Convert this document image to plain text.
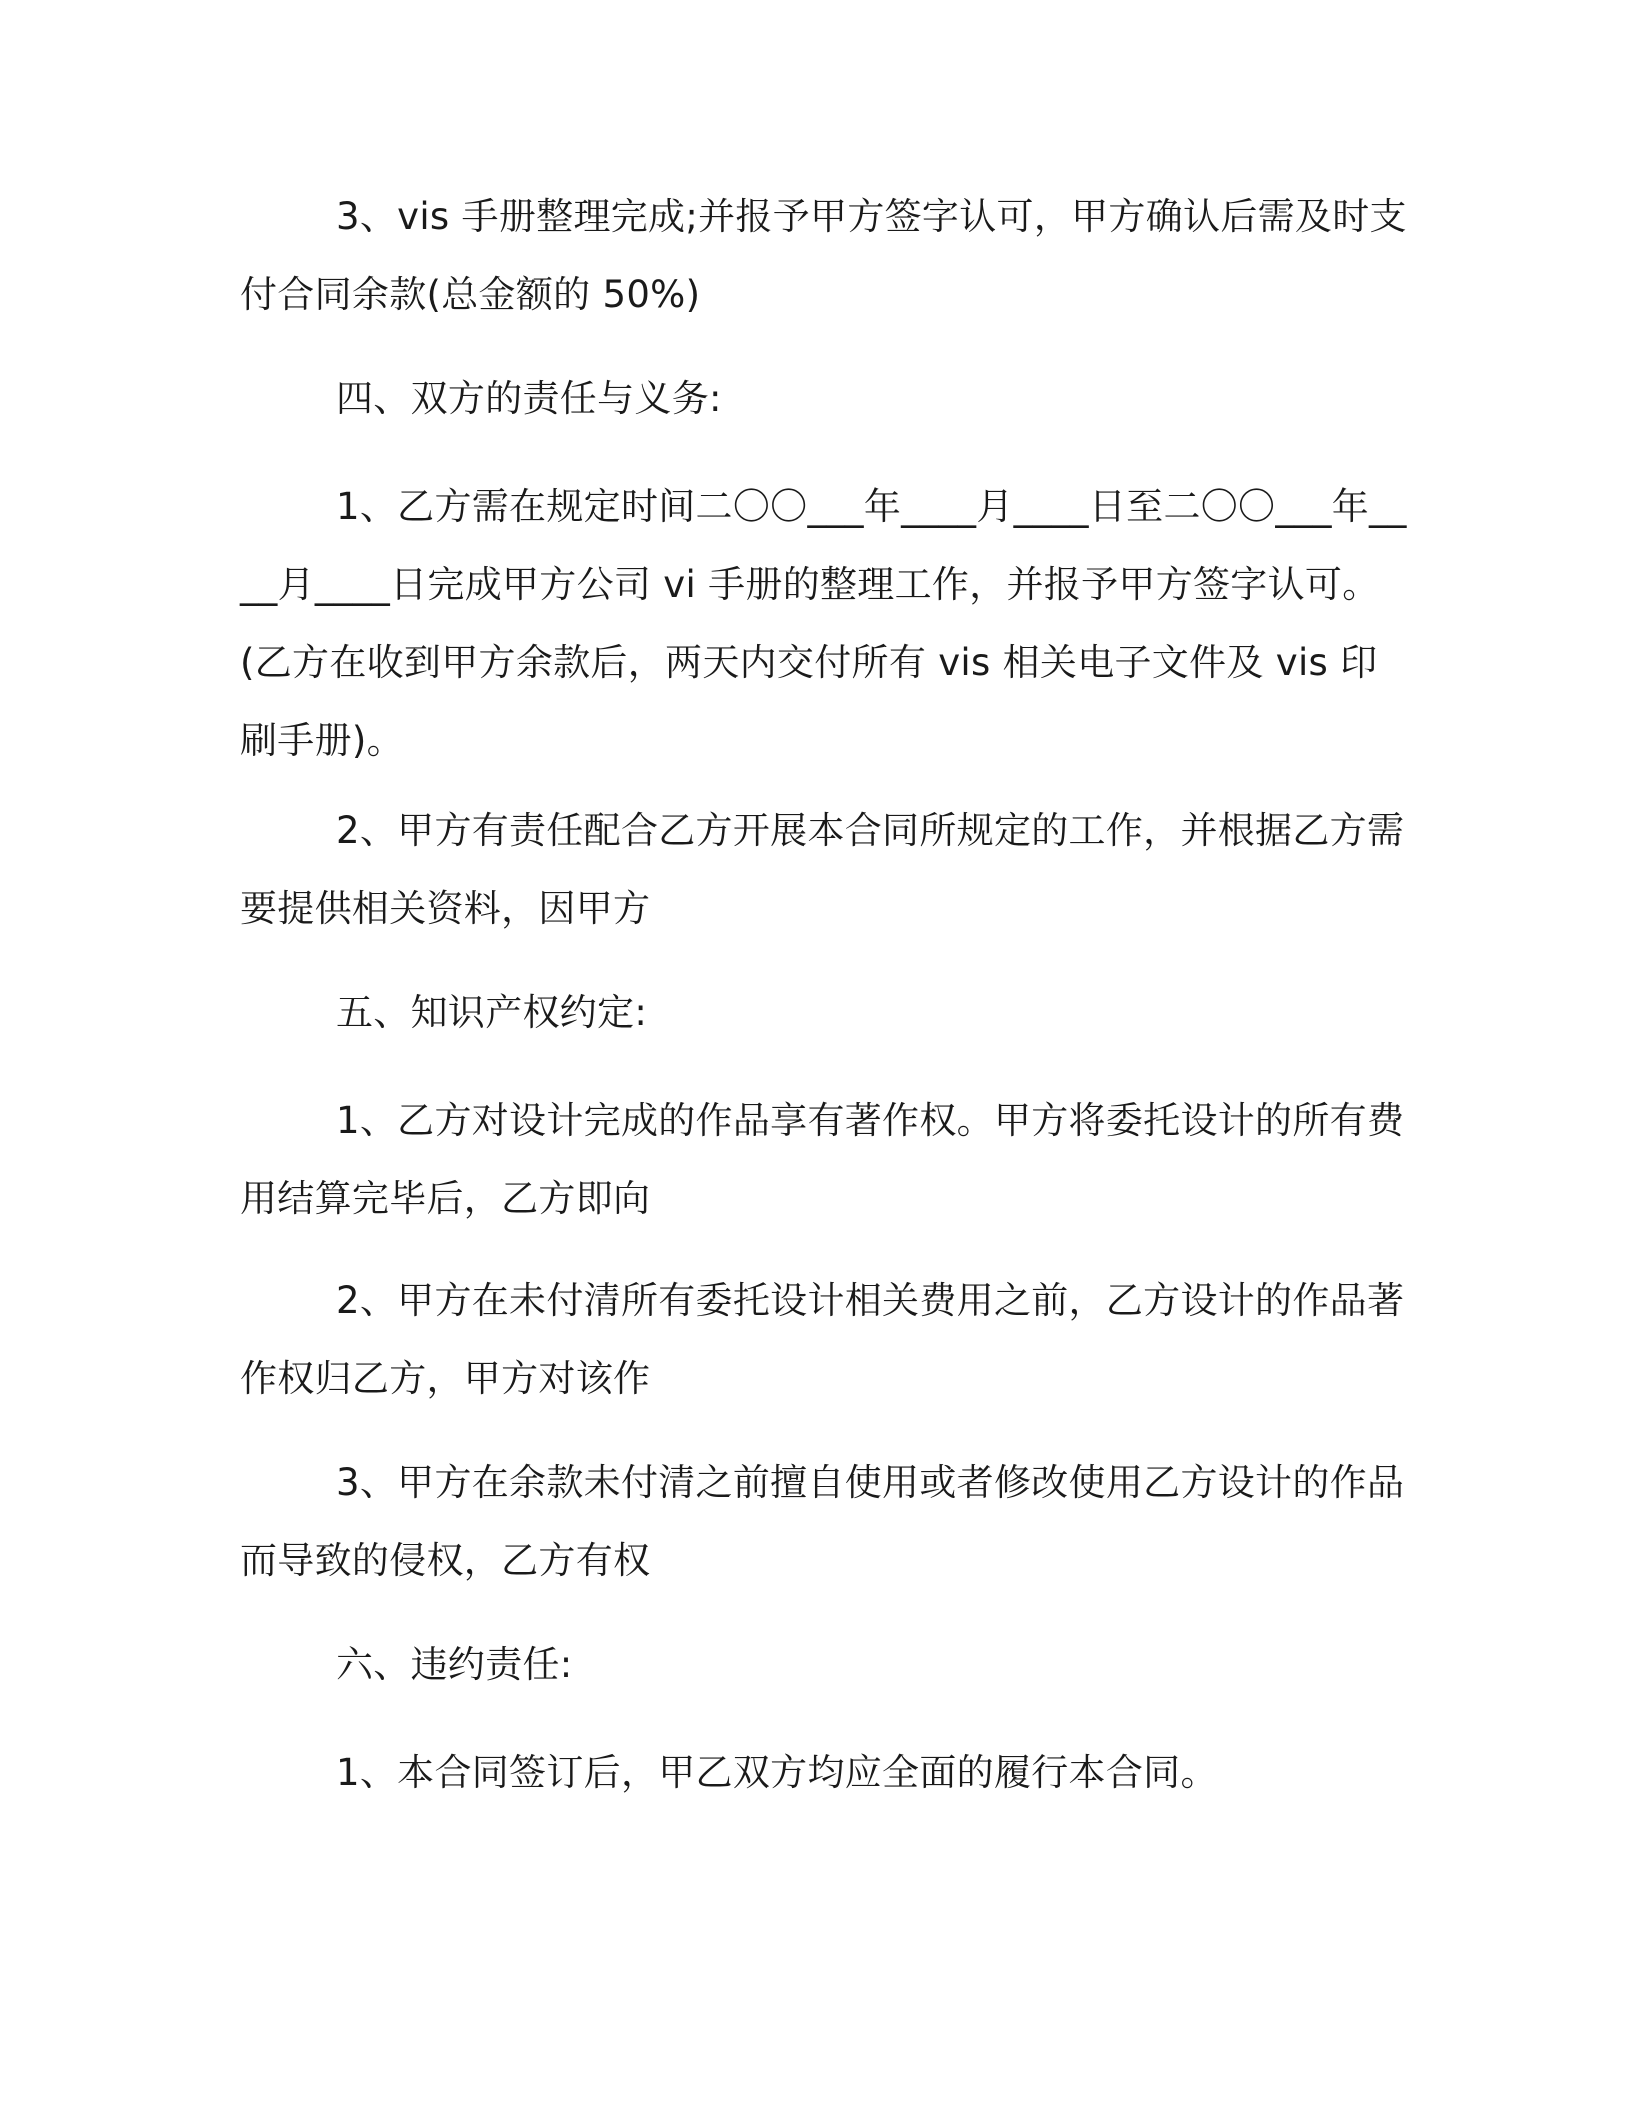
3、vis 手册整理完成;并报予甲方签字认可，甲方确认后需及时支付合同余款(总金额的 50%)

四、双方的责任与义务:

1、乙方需在规定时间二〇〇___年____月____日至二〇〇___年____月____日完成甲方公司 vi 手册的整理工作，并报予甲方签字认可。(乙方在收到甲方余款后，两天内交付所有 vis 相关电子文件及 vis 印刷手册)。

2、甲方有责任配合乙方开展本合同所规定的工作，并根据乙方需要提供相关资料，因甲方

五、知识产权约定:

1、乙方对设计完成的作品享有著作权。甲方将委托设计的所有费用结算完毕后，乙方即向

2、甲方在未付清所有委托设计相关费用之前，乙方设计的作品著作权归乙方，甲方对该作

3、甲方在余款未付清之前擅自使用或者修改使用乙方设计的作品而导致的侵权，乙方有权

六、违约责任:

1、本合同签订后，甲乙双方均应全面的履行本合同。
